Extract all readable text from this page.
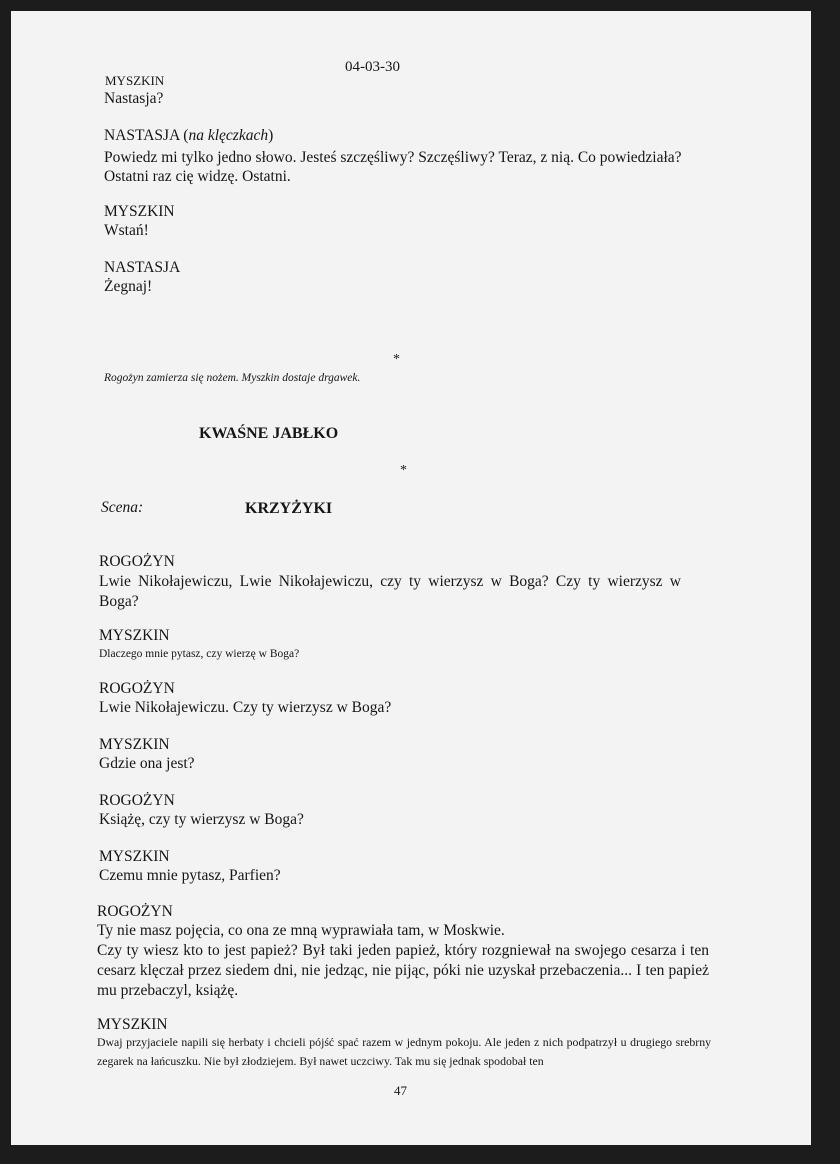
04-03-30
MYSZKIN
Nastasja?
NASTASJA (na klęczkach)
Powiedz mi tylko jedno słowo. Jesteś szczęśliwy? Szczęśliwy? Teraz, z nią. Co powiedziała?
Ostatni raz cię widzę. Ostatni.
MYSZKIN
Wstań!
NASTASJA
Żegnaj!
*
Rogożyn zamierza się nożem. Myszkin dostaje drgawek.
KWAŚNE JABŁKO
*
Scena:	KRZYŻYKI
ROGOŻYN
Lwie Nikołajewiczu, Lwie Nikołajewiczu, czy ty wierzysz w Boga? Czy ty wierzysz w Boga?
MYSZKIN
Dlaczego mnie pytasz, czy wierzę w Boga?
ROGOŻYN
Lwie Nikołajewiczu. Czy ty wierzysz w Boga?
MYSZKIN
Gdzie ona jest?
ROGOŻYN
Książę, czy ty wierzysz w Boga?
MYSZKIN
Czemu mnie pytasz, Parfien?
ROGOŻYN
Ty nie masz pojęcia, co ona ze mną wyprawiała tam, w Moskwie.
Czy ty wiesz kto to jest papież? Był taki jeden papież, który rozgniewał na swojego cesarza i ten cesarz klęczał przez siedem dni, nie jedząc, nie pijąc, póki nie uzyskał przebaczenia... I ten papież mu przebaczyl, książę.
MYSZKIN
Dwaj przyjaciele napili się herbaty i chcieli pójść spać razem w jednym pokoju. Ale jeden z nich podpatrzył u drugiego srebrny zegarek na łańcuszku. Nie był złodziejem. Był nawet uczciwy. Tak mu się jednak spodobał ten
47
